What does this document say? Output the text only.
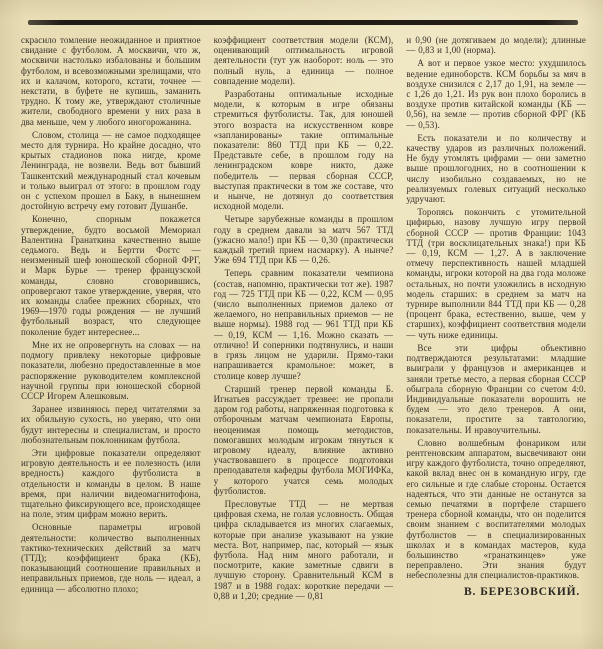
скрасило томление неожиданное и приятное свидание с футболом. А москвичи, что ж, москвичи настолько избалованы и большим футболом, и всевозможными зрелищами, что их и калачом, которого, кстати, точнее — некстати, в буфете не купишь, заманить трудно. К тому же, утверждают столичные жители, свободного времени у них раза в два меньше, чем у любого иногорожанина.

Словом, столица — не самое подходящее место для турнира. Но крайне досадно, что крытых стадионов пока нигде, кроме Ленинграда, не возвели. Ведь вот бывший Ташкентский международный стал кочевым и только выиграл от этого: в прошлом году он с успехом прошел в Баку, в нынешнем достойную встречу ему готовит Душанбе.

Конечно, спорным покажется утверждение, будто восьмой Мемориал Валентина Гранаткина качественно выше седьмого. Ведь и Бертти Фогтс — неизменный шеф юношеской сборной ФРГ, и Марк Бурье — тренер французской команды, словно сговорившись, опровергают такое утверждение, уверяя, что их команды слабее прежних сборных, что 1969—1970 годы рождения — не лучший футбольный возраст, что следующее поколение будет интереснее...

Мне их не опровергнуть на словах — на подмогу привлеку некоторые цифровые показатели, любезно предоставленные в мое распоряжение руководителем комплексной научной группы при юношеской сборной СССР Игорем Алешковым.

Заранее извиняюсь перед читателями за их обильную сухость, но уверяю, что они будут интересны и специалистам, и просто любознательным поклонникам футбола.

Эти цифровые показатели определяют игровую деятельность и ее полезность (или вредность) каждого футболиста в отдельности и команды в целом. В наше время, при наличии видеомагнитофона, тщательно фиксирующего все, происходящее на поле, этим цифрам можно верить.

Основные параметры игровой деятельности: количество выполненных тактико-технических действий за матч (ТТД); коэффициент брака (КБ), показывающий соотношение правильных и неправильных приемов, где ноль — идеал, а единица — абсолютно плохо;

коэффициент соответствия модели (КСМ), оценивающий оптимальность игровой деятельности (тут уж наоборот: ноль — это полный нуль, а единица — полное совпадение модели).

Разработаны оптимальные исходные модели, к которым в игре обязаны стремиться футболисты. Так, для юношей этого возраста на искусственном ковре «запланированы» такие оптимальные показатели: 860 ТТД при КБ — 0,22. Представьте себе, в прошлом году на ленинградском ковре никто, даже победитель — первая сборная СССР, выступая практически в том же составе, что и нынче, не дотянул до соответствия исходной модели.

Четыре зарубежные команды в прошлом году в среднем давали за матч 567 ТТД (ужасно мало!) при КБ — 0,30 (практически каждый третий прием насмарку). А нынче? Уже 694 ТТД при КБ — 0,26.

Теперь сравним показатели чемпиона (состав, напомню, практически тот же). 1987 год — 725 ТТД при КБ — 0,22, КСМ — 0,95 (число выполненных приемов далеко от желаемого, но неправильных приемов — не выше нормы). 1988 год — 961 ТТД при КБ — 0,19, КСМ — 1,16. Можно сказать — отлично! И соперники подтянулись, и наши в грязь лицом не ударили. Прямо-таки напрашивается крамольное: может, в столице ковер лучше?

Старший тренер первой команды Б. Игнатьев рассуждает трезвее: не пропали даром год работы, напряженная подготовка к отборочным матчам чемпионата Европы, неоценимая помощь методистов, помогавших молодым игрокам тянуться к игровому идеалу, влияние активно участвовавшего в процессе подготовки преподавателя кафедры футбола МОГИФКа, у которого учатся семь молодых футболистов.

Пресловутые ТТД — не мертвая цифровая схема, не голая условность. Общая цифра складывается из многих слагаемых, которые при анализе указывают на узкие места. Вот, например, пас, который — язык футбола. Над ним много работали, и посмотрите, какие заметные сдвиги в лучшую сторону. Сравнительный КСМ в 1987 и в 1988 годах: короткие передачи — 0,88 и 1,20; средние — 0,81

и 0,90 (не дотягиваем до модели); длинные — 0,83 и 1,00 (норма).

А вот и первое узкое место: ухудшилось ведение единоборств. КСМ борьбы за мяч в воздухе снизился с 2,17 до 1,91, на земле — с 1,26 до 1,21. Из рук вон плохо боролись в воздухе против китайской команды (КБ — 0,56), на земле — против сборной ФРГ (КБ — 0,53).

Есть показатели и по количеству и качеству ударов из различных положений. Не буду утомлять цифрами — они заметно выше прошлогодних, но в соотношении к числу изобильно создаваемых, но не реализуемых голевых ситуаций несколько удручают.

Торопясь покончить с утомительной цифирью, назову лучшую игру первой сборной СССР — против Франции: 1043 ТТД (три восклицательных знака!) при КБ — 0,19, КСМ — 1,27. А в заключение отмечу перспективность нашей младшей команды, игроки которой на два года моложе остальных, но почти уложились в исходную модель старших: в среднем за матч на турнире выполнили 844 ТТД при КБ — 0,28 (процент брака, естественно, выше, чем у старших), коэффициент соответствия модели — чуть ниже единицы.

Все эти цифры объективно подтверждаются результатами: младшие выиграли у французов и американцев и заняли третье место, а первая сборная СССР обыграла сборную Франции со счетом 4:0. Индивидуальные показатели ворошить не будем — это дело тренеров. А они, показатели, простите за тавтологию, показательны. И нравоучительны.

Словно волшебным фонариком или рентгеновским аппаратом, высвечивают они игру каждого футболиста, точно определяют, какой вклад внес он в командную игру, где его сильные и где слабые стороны. Остается надеяться, что эти данные не останутся за семью печатями в портфеле старшего тренера сборной команды, что он поделится своим знанием с воспитателями молодых футболистов — в специализированных школах и в командах мастеров, куда большинство «гранаткинцев» уже переправлено. Эти знания будут небесполезны для специалистов-практиков.

В. БЕРЕЗОВСКИЙ.
